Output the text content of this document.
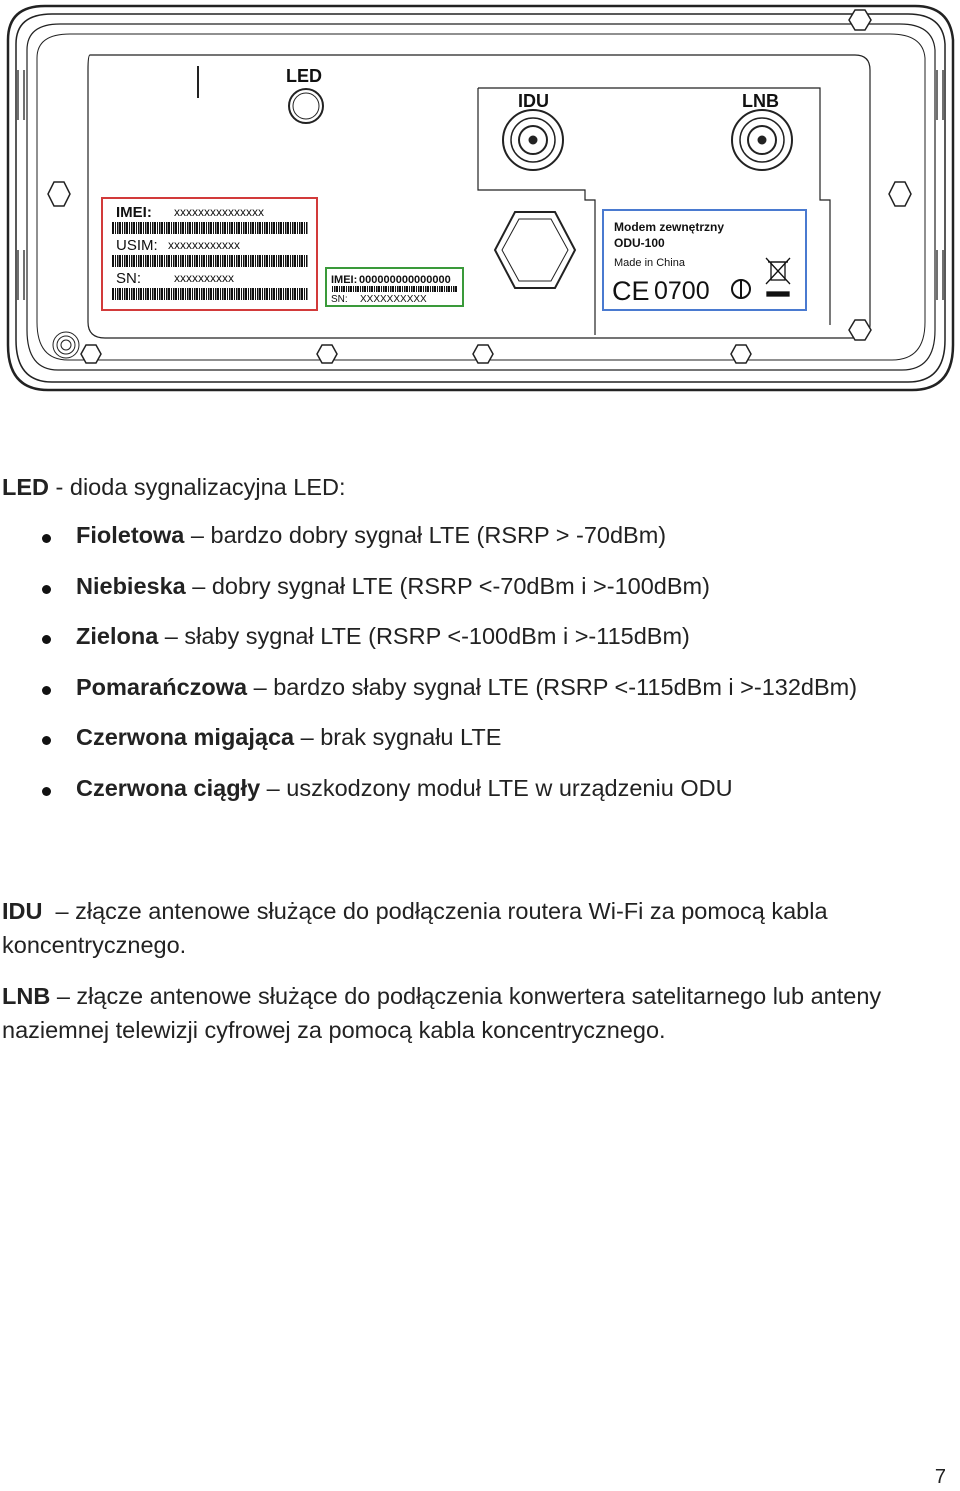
LED
IDU	LNB
IMEI: xxxxxxxxxxxxxxx
USIM: xxxxxxxxxxxx
SN:	xxxxxxxxxx	IMEI: 000000000000000
SN: XXXXXXXXXX
Modem zewnętrzny
ODU-100
Made in China
CE 0700
LED - dioda sygnalizacyjna LED:
Fioletowa – bardzo dobry sygnał LTE (RSRP > -70dBm)
Niebieska – dobry sygnał LTE (RSRP <-70dBm i >-100dBm)
Zielona – słaby sygnał LTE (RSRP <-100dBm i >-115dBm)
Pomarańczowa – bardzo słaby sygnał LTE (RSRP <-115dBm i >-132dBm)
Czerwona migająca – brak sygnału LTE
Czerwona ciągły – uszkodzony moduł LTE w urządzeniu ODU

IDU  – złącze antenowe służące do podłączenia routera Wi-Fi za pomocą kabla koncentrycznego.

LNB – złącze antenowe służące do podłączenia konwertera satelitarnego lub anteny naziemnej telewizji cyfrowej za pomocą kabla koncentrycznego.

7
